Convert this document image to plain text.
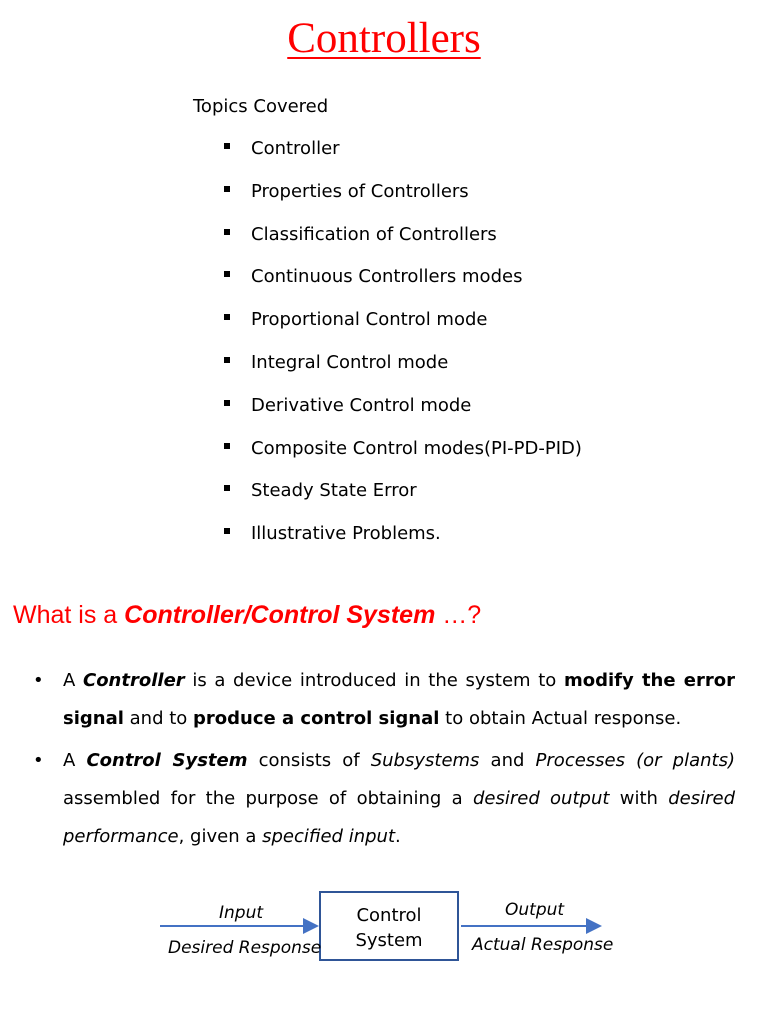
Controllers
Topics Covered
Controller
Properties of Controllers
Classification of Controllers
Continuous Controllers modes
Proportional Control mode
Integral Control mode
Derivative Control mode
Composite Control modes(PI-PD-PID)
Steady State Error
Illustrative Problems.
What is a Controller/Control System …?
• A Controller is a device introduced in the system to modify the error signal and to produce a control signal to obtain Actual response.
• A Control System consists of Subsystems and Processes (or plants) assembled for the purpose of obtaining a desired output with desired performance, given a specified input.
Control
System
Input
Desired Response
Output
Actual Response
